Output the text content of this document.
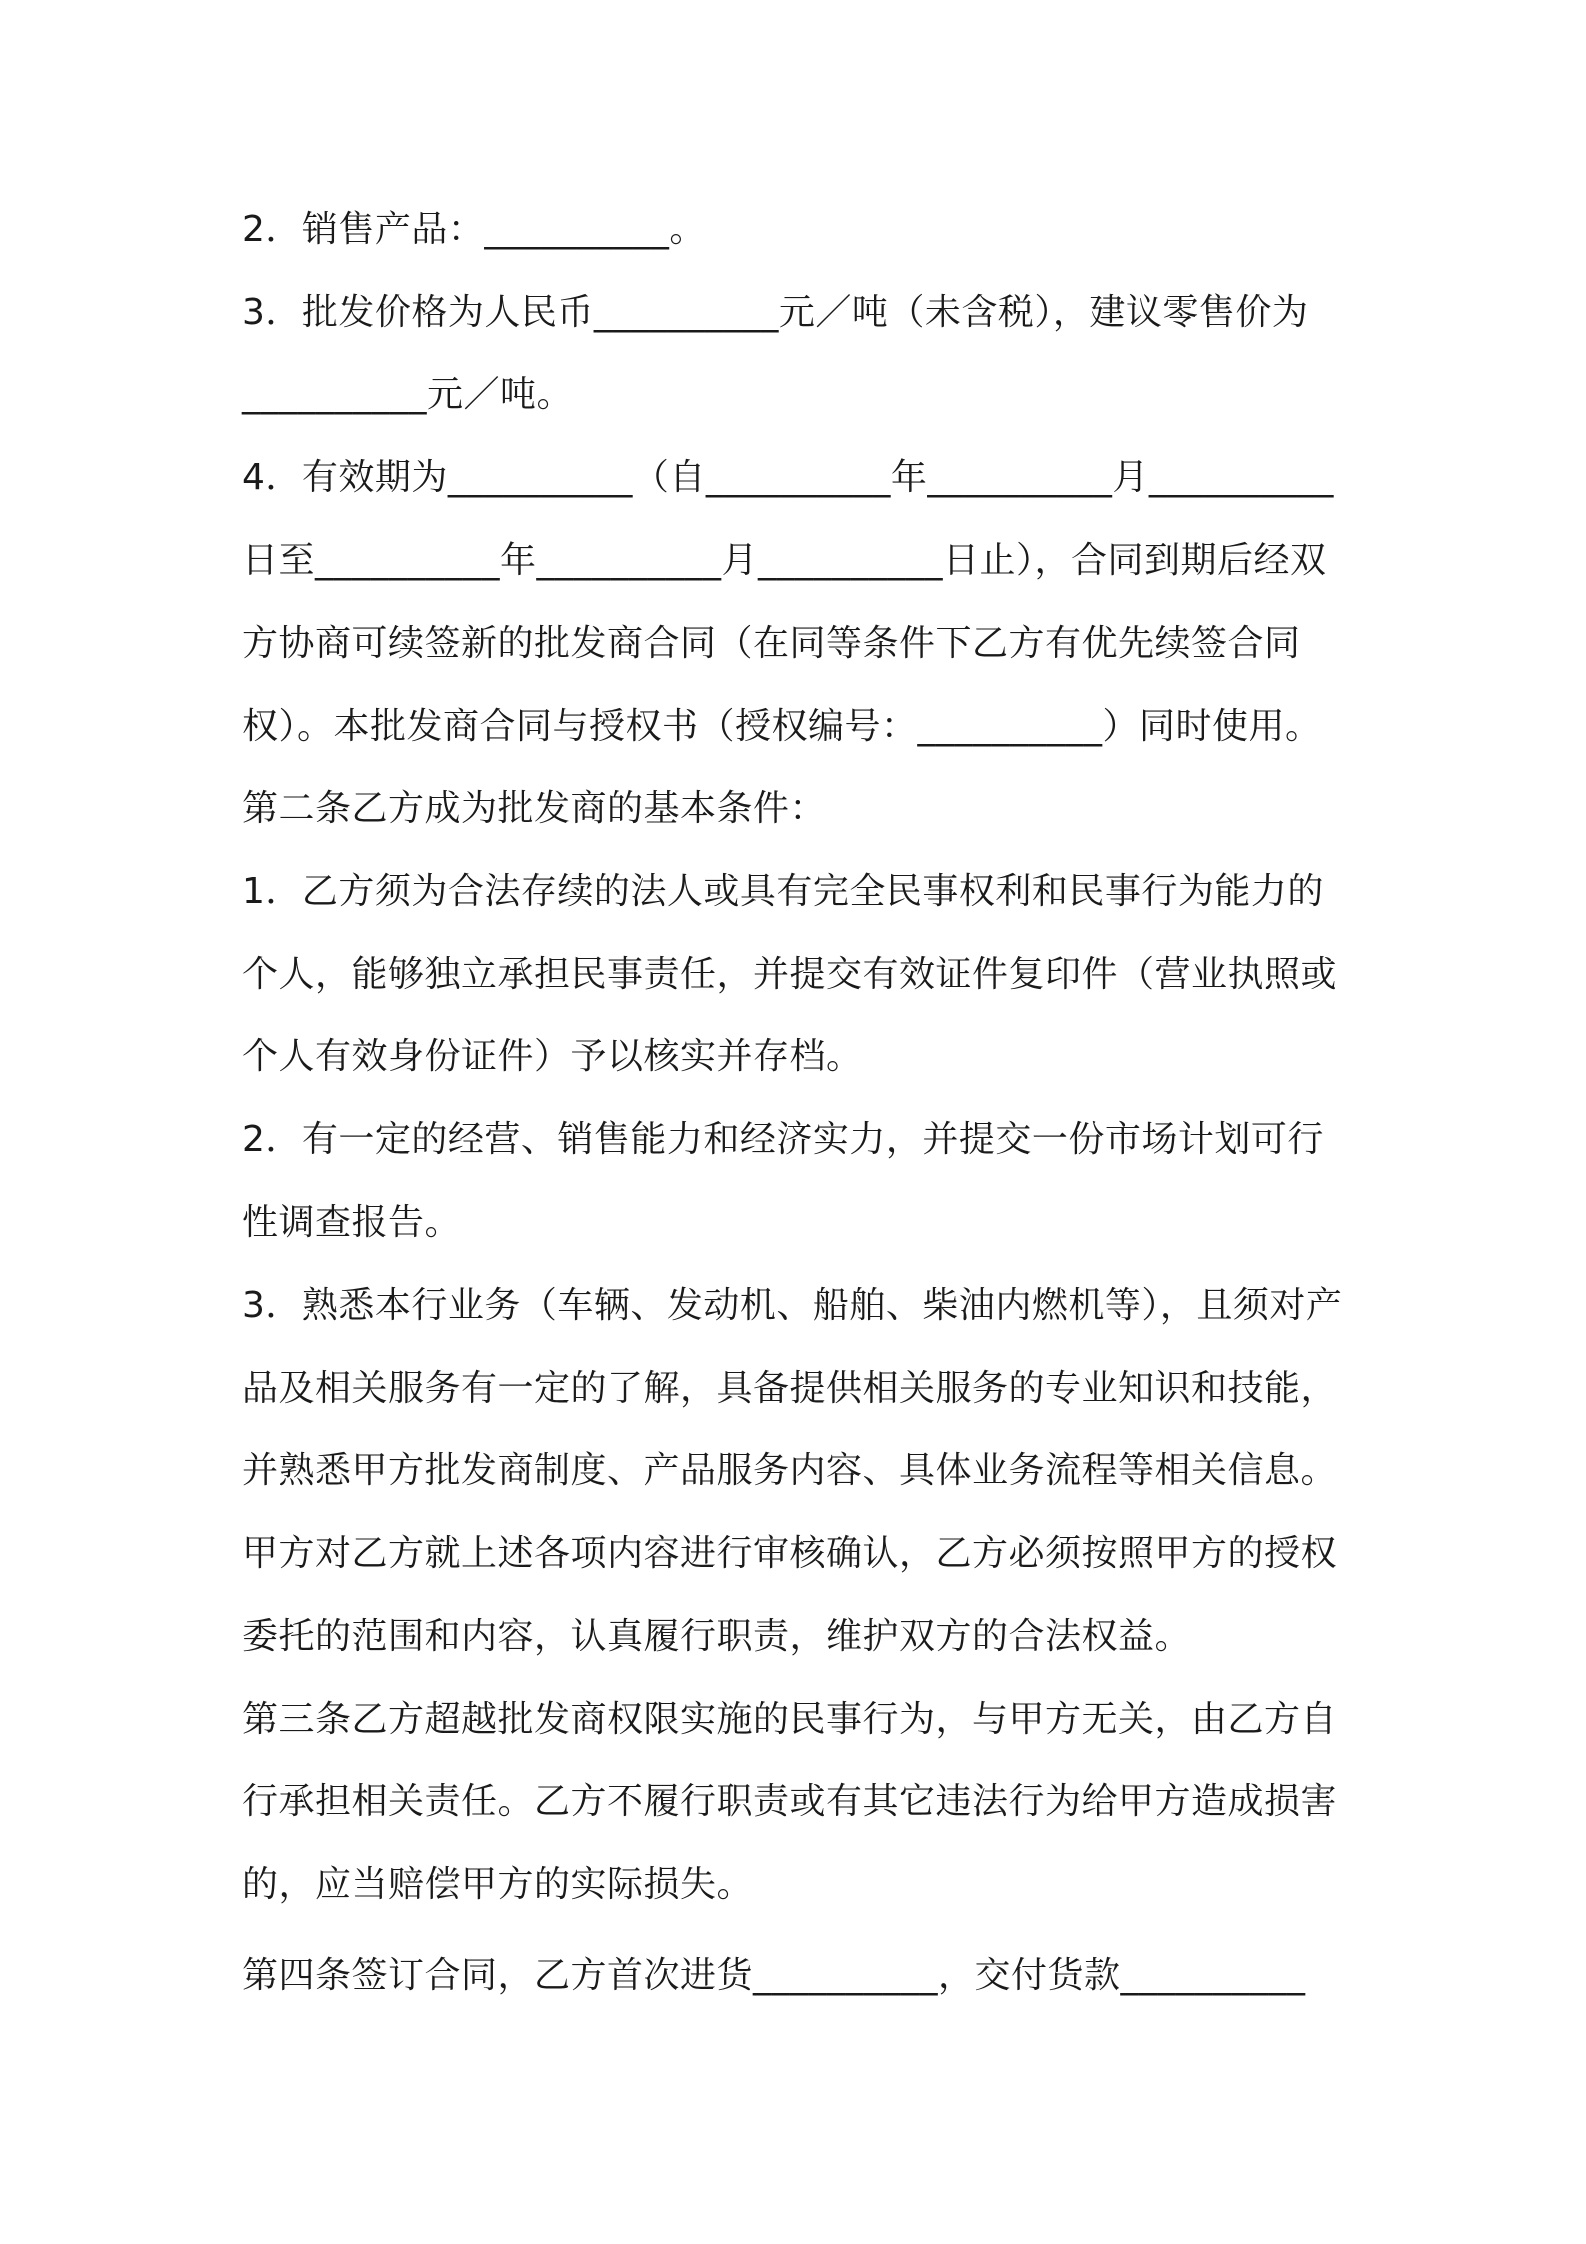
2．销售产品：__________。
3．批发价格为人民币__________元／吨（未含税），建议零售价为
__________元／吨。
4．有效期为__________（自__________年__________月__________
日至__________年__________月__________日止），合同到期后经双
方协商可续签新的批发商合同（在同等条件下乙方有优先续签合同
权）。本批发商合同与授权书（授权编号：__________）同时使用。
第二条乙方成为批发商的基本条件：
1．乙方须为合法存续的法人或具有完全民事权利和民事行为能力的
个人，能够独立承担民事责任，并提交有效证件复印件（营业执照或
个人有效身份证件）予以核实并存档。
2．有一定的经营、销售能力和经济实力，并提交一份市场计划可行
性调查报告。
3．熟悉本行业务（车辆、发动机、船舶、柴油内燃机等），且须对产
品及相关服务有一定的了解，具备提供相关服务的专业知识和技能，
并熟悉甲方批发商制度、产品服务内容、具体业务流程等相关信息。
甲方对乙方就上述各项内容进行审核确认，乙方必须按照甲方的授权
委托的范围和内容，认真履行职责，维护双方的合法权益。
第三条乙方超越批发商权限实施的民事行为，与甲方无关，由乙方自
行承担相关责任。乙方不履行职责或有其它违法行为给甲方造成损害
的，应当赔偿甲方的实际损失。
第四条签订合同，乙方首次进货__________，交付货款__________
